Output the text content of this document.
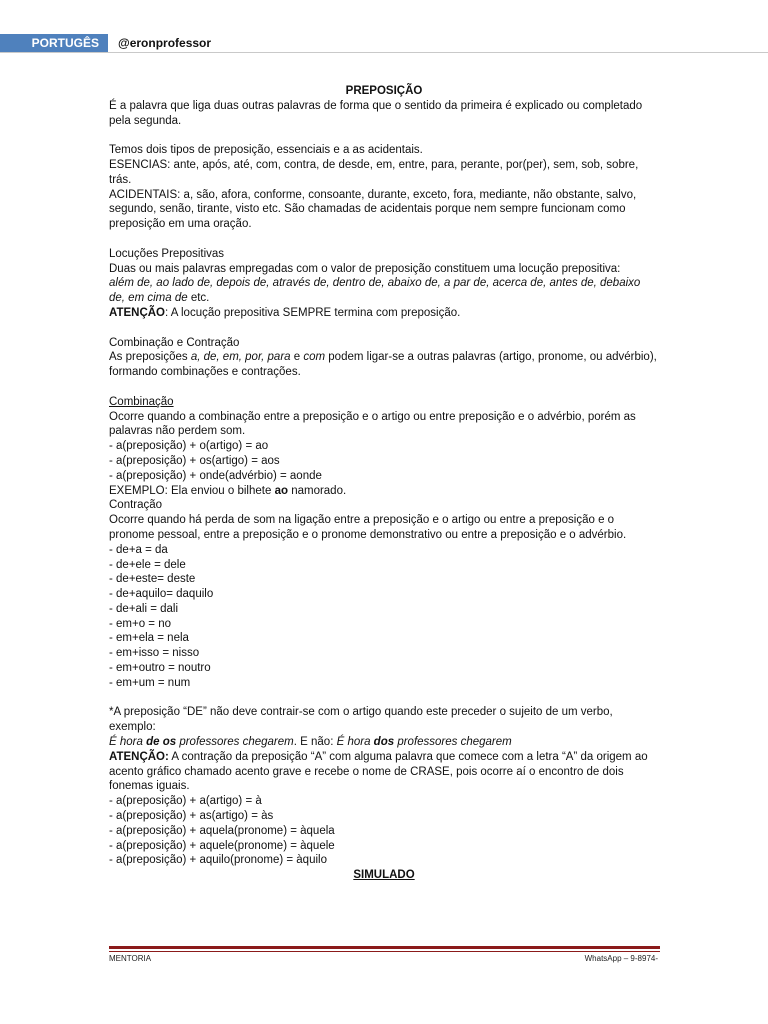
PORTUGÊS	@eronprofessor

PREPOSIÇÃO

É a palavra que liga duas outras palavras de forma que o sentido da primeira é explicado ou completado pela segunda.

Temos dois tipos de preposição, essenciais e a as acidentais.

ESENCIAS: ante, após, até, com, contra, de desde, em, entre, para, perante, por(per), sem, sob, sobre, trás.

ACIDENTAIS: a, são, afora, conforme, consoante, durante, exceto, fora, mediante, não obstante, salvo, segundo, senão, tirante, visto etc. São chamadas de acidentais porque nem sempre funcionam como preposição em uma oração.

Locuções Prepositivas

Duas ou mais palavras empregadas com o valor de preposição constituem uma locução prepositiva:

além de, ao lado de, depois de, através de, dentro de, abaixo de, a par de, acerca de, antes de, debaixo de, em cima de etc.

ATENÇÃO: A locução prepositiva SEMPRE termina com preposição.

Combinação e Contração

As preposições a, de, em, por, para e com podem ligar-se a outras palavras (artigo, pronome, ou advérbio), formando combinações e contrações.

Combinação

Ocorre quando a combinação entre a preposição e o artigo ou entre preposição e o advérbio, porém as palavras não perdem som.

- a(preposição) + o(artigo) = ao

- a(preposição) + os(artigo) = aos

- a(preposição) + onde(advérbio) = aonde

EXEMPLO: Ela enviou o bilhete ao namorado.

Contração

Ocorre quando há perda de som na ligação entre a preposição e o artigo ou entre a preposição e o pronome pessoal, entre a preposição e o pronome demonstrativo ou entre a preposição e o advérbio.

- de+a = da

- de+ele = dele

- de+este= deste

- de+aquilo= daquilo

- de+ali = dali

- em+o = no

- em+ela = nela

- em+isso = nisso

- em+outro = noutro

- em+um = num

*A preposição “DE” não deve contrair-se com o artigo quando este preceder o sujeito de um verbo, exemplo:

É hora de os professores chegarem. E não: É hora dos professores chegarem

ATENÇÃO: A contração da preposição “A” com alguma palavra que comece com a letra “A” da origem ao acento gráfico chamado acento grave e recebe o nome de CRASE, pois ocorre aí o encontro de dois fonemas iguais.

- a(preposição) + a(artigo) = à

- a(preposição) + as(artigo) = às

- a(preposição) + aquela(pronome) = àquela

- a(preposição) + aquele(pronome) = àquele

- a(preposição) + aquilo(pronome) = àquilo

SIMULADO

MENTORIA	WhatsApp – 9-8974-
